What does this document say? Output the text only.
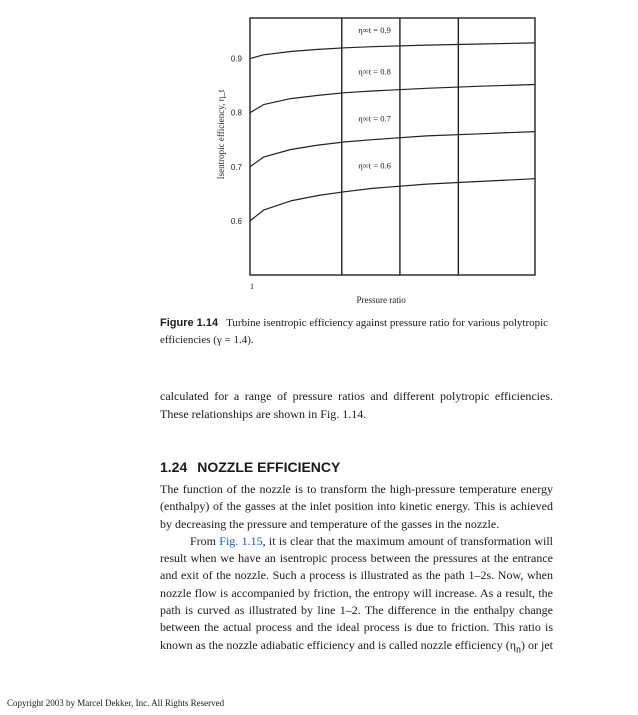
0.6
0.7
0.8
0.9
1
Pressure ratio
Isentropic efficiency, η_t
η∞t = 0.9
η∞t = 0.8
η∞t = 0.7
η∞t = 0.6
Figure 1.14 Turbine isentropic efficiency against pressure ratio for various polytropic efficiencies (γ = 1.4).
calculated for a range of pressure ratios and different polytropic efficiencies. These relationships are shown in Fig. 1.14.
1.24 NOZZLE EFFICIENCY

The function of the nozzle is to transform the high-pressure temperature energy (enthalpy) of the gasses at the inlet position into kinetic energy. This is achieved by decreasing the pressure and temperature of the gasses in the nozzle.

From Fig. 1.15, it is clear that the maximum amount of transformation will result when we have an isentropic process between the pressures at the entrance and exit of the nozzle. Such a process is illustrated as the path 1–2s. Now, when nozzle flow is accompanied by friction, the entropy will increase. As a result, the path is curved as illustrated by line 1–2. The difference in the enthalpy change between the actual process and the ideal process is due to friction. This ratio is known as the nozzle adiabatic efficiency and is called nozzle efficiency $(\eta_n)$ or jet

Copyright 2003 by Marcel Dekker, Inc. All Rights Reserved
